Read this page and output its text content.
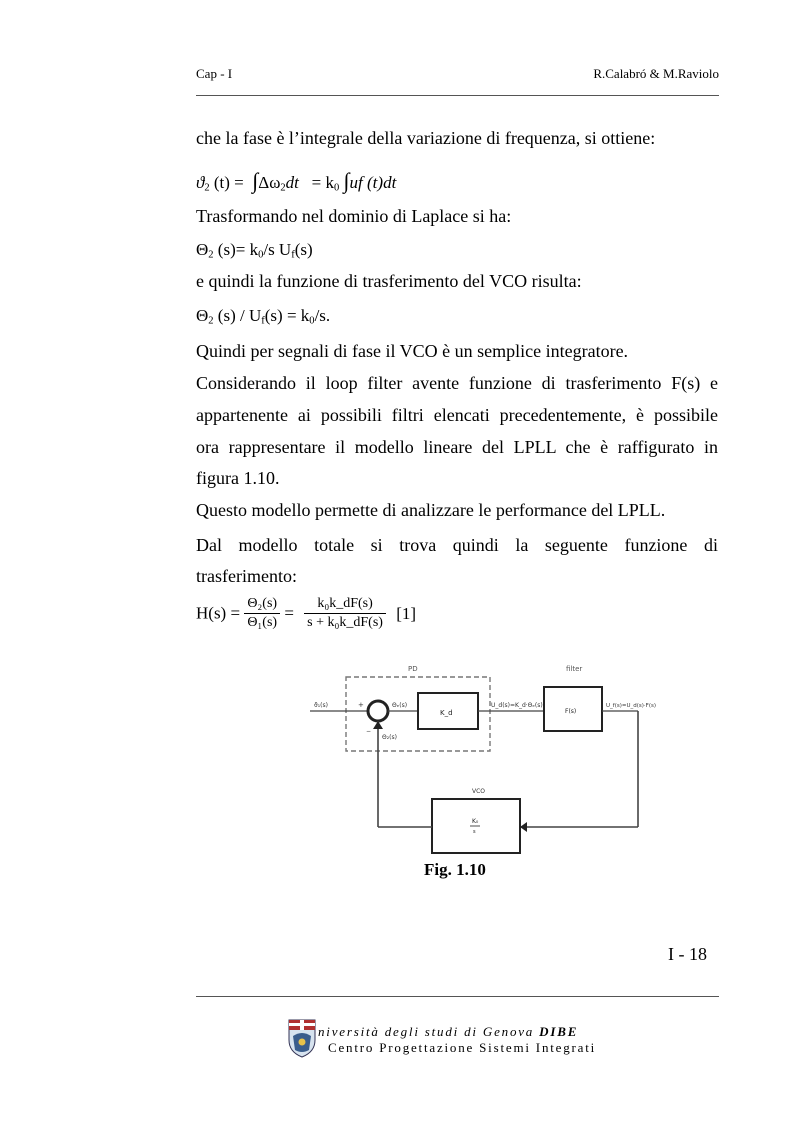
Cap - I	R.Calabró & M.Raviolo
che la fase è l’integrale della variazione di frequenza, si ottiene:
$ϑ_2$ $(t) = \int\Delta\omega_2dt = k_0$ ∫uf (t)dt
Trasformando nel dominio di Laplace si ha:
$\Theta_2$ $(s)= k_0/s$ $U_f(s)$
e quindi la funzione di trasferimento del VCO risulta:
$\Theta_2$ $(s) / U_f(s) = k_0/s$.
Quindi per segnali di fase il VCO è un semplice integratore.
Considerando il loop filter avente funzione di trasferimento F(s) e
appartenente ai possibili filtri elencati precedentemente, è possibile
ora rappresentare il modello lineare del LPLL che è raffigurato in
figura 1.10.
Questo modello permette di analizzare le performance del LPLL.
Dal modello totale si trova quindi la seguente funzione di
trasferimento:
$H(s) = \frac{\text{Θ₂(s)}}{\text{Θ₁(s)}} = \frac{\text{k₀k\_dF(s)}}{\text{s + k₀k\_dF(s)}} [1]$
PD	filter
ϑ₁(s)	+
−
Θₑ(s)
K_d
U_d(s)=K_d·Θₑ(s)
F(s)
U_f(s)=U_d(s)·F(s)
VCO
K₀
s
Θ₂(s)
Fig. 1.10
I - 18
niversità degli studi di Genova DIBE
Centro Progettazione Sistemi Integrati
